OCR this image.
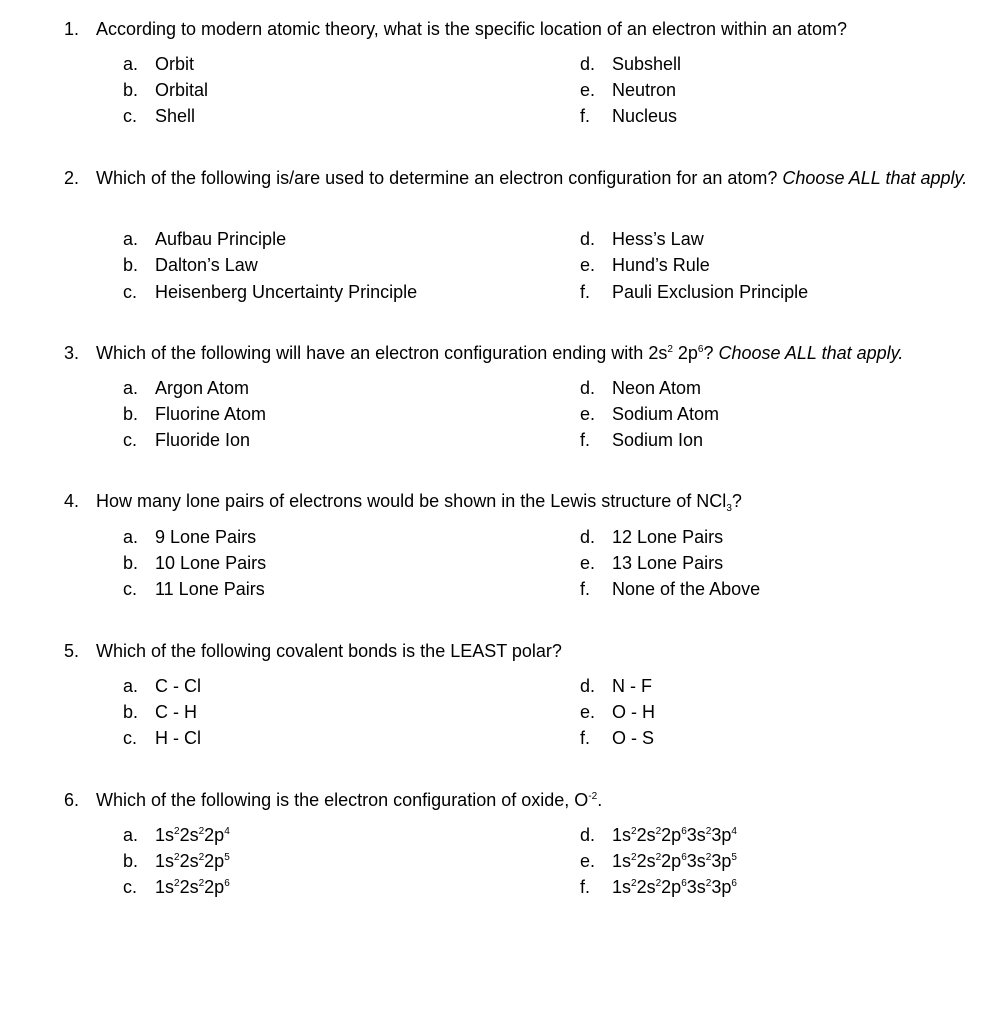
1. According to modern atomic theory, what is the specific location of an electron within an atom?
a. Orbit
b. Orbital
c. Shell
d. Subshell
e. Neutron
f. Nucleus
2. Which of the following is/are used to determine an electron configuration for an atom? Choose ALL that apply.
a. Aufbau Principle
b. Dalton’s Law
c. Heisenberg Uncertainty Principle
d. Hess’s Law
e. Hund’s Rule
f. Pauli Exclusion Principle
3. Which of the following will have an electron configuration ending with $2s^2$ $2p^6$? Choose ALL that apply.
a. Argon Atom
b. Fluorine Atom
c. Fluoride Ion
d. Neon Atom
e. Sodium Atom
f. Sodium Ion
4. How many lone pairs of electrons would be shown in the Lewis structure of NCl$_3$?
a. 9 Lone Pairs
b. 10 Lone Pairs
c. 11 Lone Pairs
d. 12 Lone Pairs
e. 13 Lone Pairs
f. None of the Above
5. Which of the following covalent bonds is the LEAST polar?
a. C - Cl
b. C - H
c. H - Cl
d. N - F
e. O - H
f. O - S
6. Which of the following is the electron configuration of oxide, $O^{-2}$.
a. $1s^22s^22p^4$
b. $1s^22s^22p^5$
c. $1s^22s^22p^6$
d. $1s^22s^22p^63s^23p^4$
e. $1s^22s^22p^63s^23p^5$
f. $1s^22s^22p^63s^23p^6$
